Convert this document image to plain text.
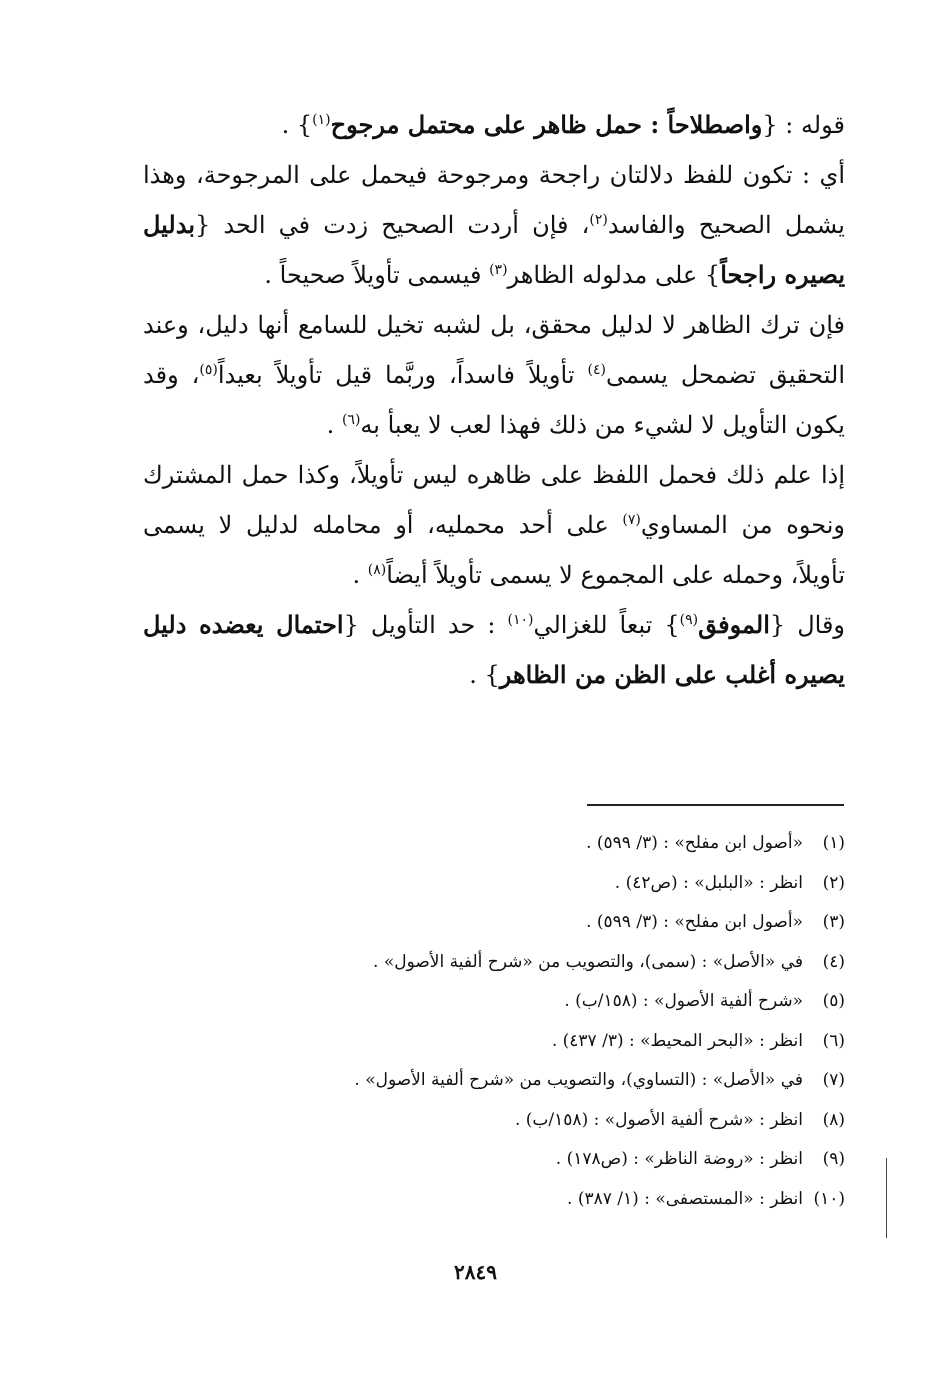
قوله : {واصطلاحاً : حمل ظاهر على محتمل مرجوح$^{(١)}$} .

أي : تكون للفظ دلالتان راجحة ومرجوحة فيحمل على المرجوحة، وهذا يشمل الصحيح والفاسد$^{(٢)}$، فإن أردت الصحيح زدت في الحد {بدليل يصيره راجحاً} على مدلوله الظاهر$^{(٣)}$ فيسمى تأويلاً صحيحاً .

فإن ترك الظاهر لا لدليل محقق، بل لشبه تخيل للسامع أنها دليل، وعند التحقيق تضمحل يسمى$^{(٤)}$ تأويلاً فاسداً، وربَّما قيل تأويلاً بعيداً$^{(٥)}$، وقد يكون التأويل لا لشيء من ذلك فهذا لعب لا يعبأ به$^{(٦)}$ .

إذا علم ذلك فحمل اللفظ على ظاهره ليس تأويلاً، وكذا حمل المشترك ونحوه من المساوي$^{(٧)}$ على أحد محمليه، أو محامله لدليل لا يسمى تأويلاً، وحمله على المجموع لا يسمى تأويلاً أيضاً$^{(٨)}$ .

وقال {الموفق$^{(٩)}$} تبعاً للغزالي$^{(١٠)}$ : حد التأويل {احتمال يعضده دليل يصيره أغلب على الظن من الظاهر} .

(١)«أصول ابن مفلح» : (٣/ ٥٩٩) .
(٢)انظر : «البلبل» : (ص٤٢) .
(٣)«أصول ابن مفلح» : (٣/ ٥٩٩) .
(٤)في «الأصل» : (سمى)، والتصويب من «شرح ألفية الأصول» .
(٥)«شرح ألفية الأصول» : (١٥٨/ب) .
(٦)انظر : «البحر المحيط» : (٣/ ٤٣٧) .
(٧)في «الأصل» : (التساوي)، والتصويب من «شرح ألفية الأصول» .
(٨)انظر : «شرح ألفية الأصول» : (١٥٨/ب) .
(٩)انظر : «روضة الناظر» : (ص١٧٨) .
(١٠)انظر : «المستصفى» : (١/ ٣٨٧) .
٢٨٤٩
